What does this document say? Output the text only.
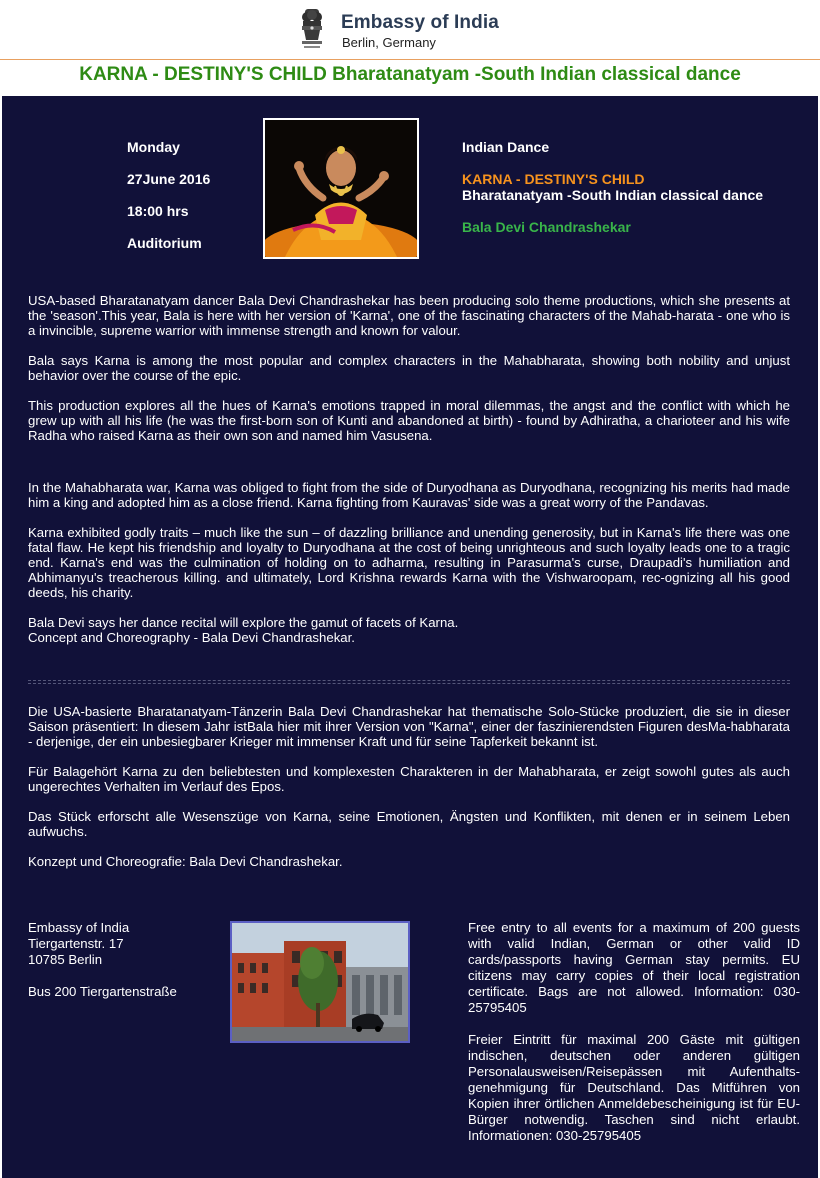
Embassy of India
Berlin, Germany
KARNA - DESTINY'S CHILD Bharatanatyam -South Indian classical dance
Monday
27June 2016
18:00 hrs
Auditorium
Indian Dance
KARNA - DESTINY'S CHILD
Bharatanatyam -South Indian classical dance
Bala Devi Chandrashekar

USA-based Bharatanatyam dancer Bala Devi Chandrashekar has been producing solo theme productions, which she presents at the 'season'.This year, Bala is here with her version of 'Karna', one of the fascinating characters of the Mahab-harata - one who is a invincible, supreme warrior with immense strength and known for valour.

Bala says Karna is among the most popular and complex characters in the Mahabharata, showing both nobility and unjust behavior over the course of the epic.

This production explores all the hues of Karna's emotions trapped in moral dilemmas, the angst and the conflict with which he grew up with all his life (he was the first-born son of Kunti and abandoned at birth) - found by Adhiratha, a charioteer and his wife Radha who raised Karna as their own son and named him Vasusena.

In the Mahabharata war, Karna was obliged to fight from the side of Duryodhana as Duryodhana, recognizing his merits had made him a king and adopted him as a close friend. Karna fighting from Kauravas' side was a great worry of the Pandavas.

Karna exhibited godly traits – much like the sun – of dazzling brilliance and unending generosity, but in Karna's life there was one fatal flaw. He kept his friendship and loyalty to Duryodhana at the cost of being unrighteous and such loyalty leads one to a tragic end. Karna's end was the culmination of holding on to adharma, resulting in Parasurma's curse, Draupadi's humiliation and Abhimanyu's treacherous killing. and ultimately, Lord Krishna rewards Karna with the Vishwaroopam, rec-ognizing all his good deeds, his charity.

Bala Devi says her dance recital will explore the gamut of facets of Karna.
Concept and Choreography - Bala Devi Chandrashekar.

Die USA-basierte Bharatanatyam-Tänzerin Bala Devi Chandrashekar hat thematische Solo-Stücke produziert, die sie in dieser Saison präsentiert: In diesem Jahr istBala hier mit ihrer Version von "Karna", einer der faszinierendsten Figuren desMa-habharata - derjenige, der ein unbesiegbarer Krieger mit immenser Kraft und für seine Tapferkeit bekannt ist.

Für Balagehört Karna zu den beliebtesten und komplexesten Charakteren in der Mahabharata, er zeigt sowohl gutes als auch ungerechtes Verhalten im Verlauf des Epos.

Das Stück erforscht alle Wesenszüge von Karna, seine Emotionen, Ängsten und Konflikten, mit denen er in seinem Leben aufwuchs.

Konzept und Choreografie: Bala Devi Chandrashekar.

Embassy of India
Tiergartenstr. 17
10785 Berlin
Bus 200 Tiergartenstraße
Free entry to all events for a maximum of 200 guests with valid Indian, German or other valid ID cards/passports having German stay permits. EU citizens may carry copies of their local registration certificate. Bags are not allowed. Information: 030-25795405
Freier Eintritt für maximal 200 Gäste mit gültigen indischen, deutschen oder anderen gültigen Personalausweisen/Reisepässen mit Aufenthalts-genehmigung für Deutschland. Das Mitführen von Kopien ihrer örtlichen Anmeldebescheinigung ist für EU-Bürger notwendig. Taschen sind nicht erlaubt. Informationen: 030-25795405
